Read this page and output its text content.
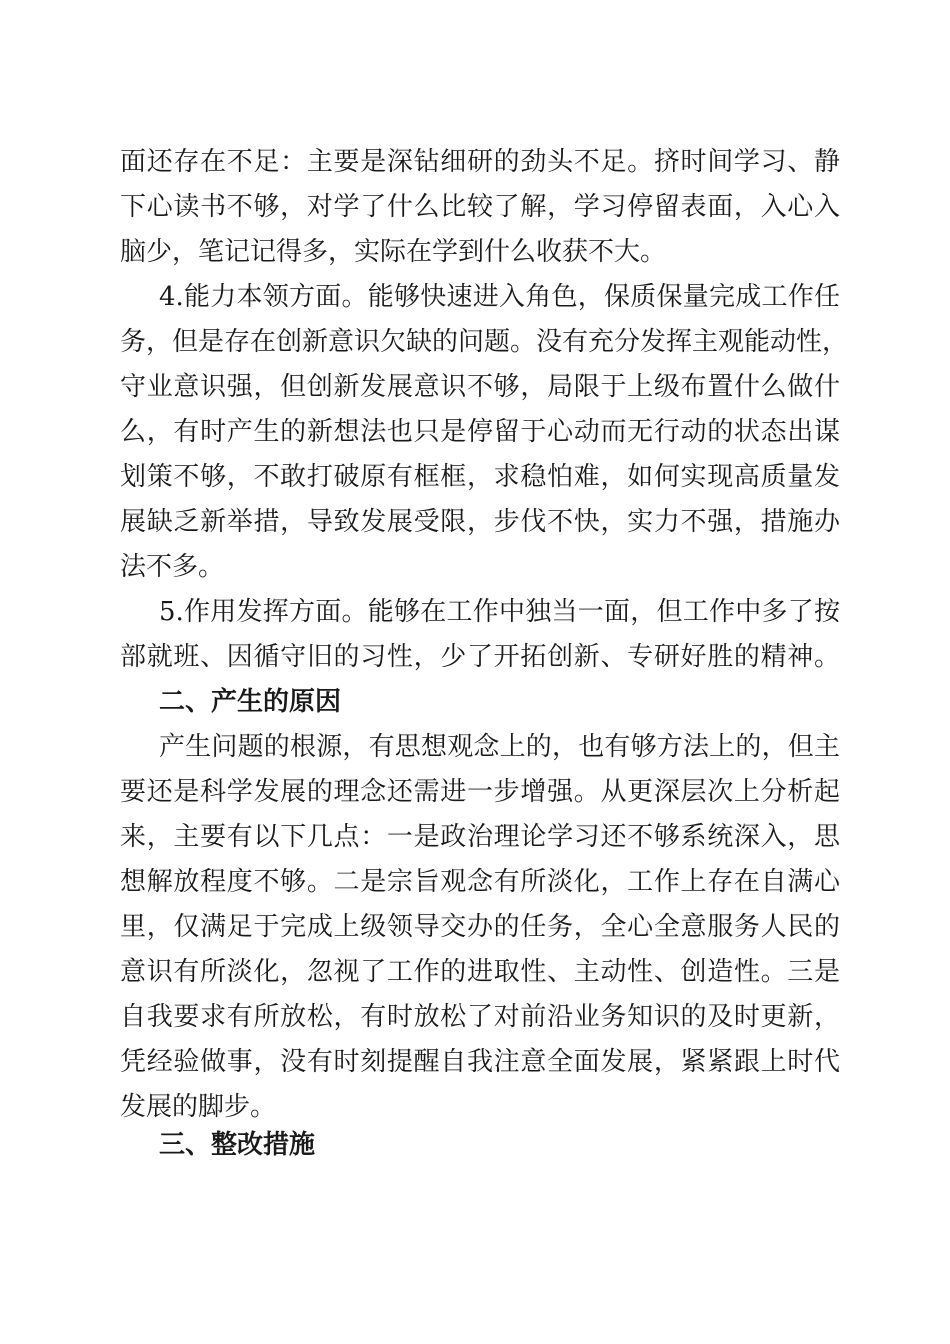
面还存在不足：主要是深钻细研的劲头不足。挤时间学习、静

下心读书不够，对学了什么比较了解，学习停留表面，入心入

脑少，笔记记得多，实际在学到什么收获不大。

4.能力本领方面。能够快速进入角色，保质保量完成工作任

务，但是存在创新意识欠缺的问题。没有充分发挥主观能动性，

守业意识强，但创新发展意识不够，局限于上级布置什么做什

么，有时产生的新想法也只是停留于心动而无行动的状态出谋

划策不够，不敢打破原有框框，求稳怕难，如何实现高质量发

展缺乏新举措，导致发展受限，步伐不快，实力不强，措施办

法不多。

5.作用发挥方面。能够在工作中独当一面，但工作中多了按

部就班、因循守旧的习性，少了开拓创新、专研好胜的精神。

二、产生的原因

产生问题的根源，有思想观念上的，也有够方法上的，但主

要还是科学发展的理念还需进一步增强。从更深层次上分析起

来，主要有以下几点：一是政治理论学习还不够系统深入，思

想解放程度不够。二是宗旨观念有所淡化，工作上存在自满心

里，仅满足于完成上级领导交办的任务，全心全意服务人民的

意识有所淡化，忽视了工作的进取性、主动性、创造性。三是

自我要求有所放松，有时放松了对前沿业务知识的及时更新，

凭经验做事，没有时刻提醒自我注意全面发展，紧紧跟上时代

发展的脚步。

三、整改措施
